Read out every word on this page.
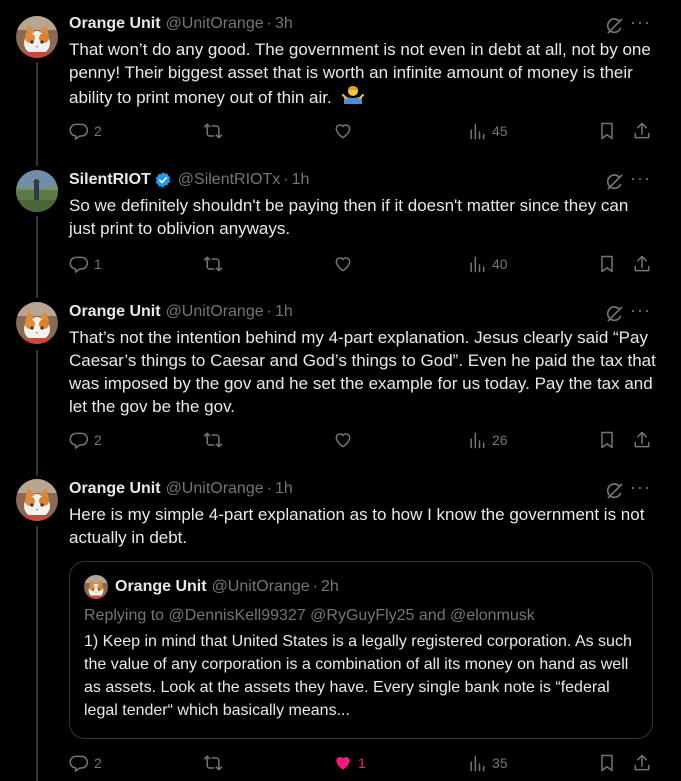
Orange Unit @UnitOrange · 3h	···
That won’t do any good. The government is not even in debt at all, not by one penny! Their biggest asset that is worth an infinite amount of money is their ability to print money out of thin air.
2	45
SilentRIOT @SilentRIOTx · 1h	···
So we definitely shouldn't be paying then if it doesn't matter since they can just print to oblivion anyways.
1	40
Orange Unit @UnitOrange · 1h	···
That’s not the intention behind my 4-part explanation. Jesus clearly said “Pay Caesar’s things to Caesar and God’s things to God”. Even he paid the tax that was imposed by the gov and he set the example for us today. Pay the tax and let the gov be the gov.
2	26
Orange Unit @UnitOrange · 1h	···
Here is my simple 4-part explanation as to how I know the government is not actually in debt.
Orange Unit @UnitOrange · 2h
Replying to @DennisKell99327 @RyGuyFly25 and @elonmusk
1) Keep in mind that United States is a legally registered corporation. As such the value of any corporation is a combination of all its money on hand as well as assets. Look at the assets they have. Every single bank note is “federal legal tender“ which basically means...
2	1	35
